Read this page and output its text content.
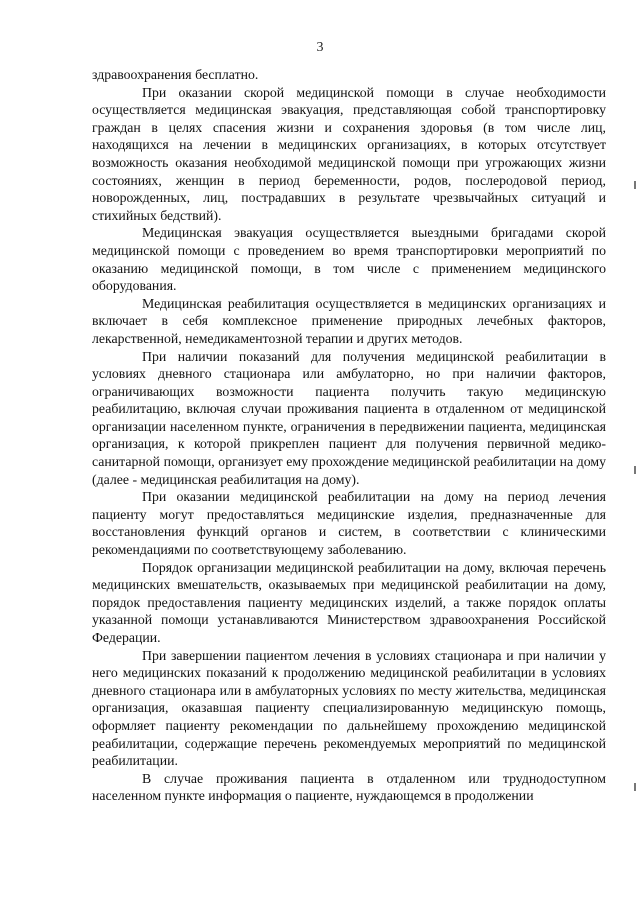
3

здравоохранения бесплатно.

При оказании скорой медицинской помощи в случае необходимости осуществляется медицинская эвакуация, представляющая собой транспортировку граждан в целях спасения жизни и сохранения здоровья (в том числе лиц, находящихся на лечении в медицинских организациях, в которых отсутствует возможность оказания необходимой медицинской помощи при угрожающих жизни состояниях, женщин в период беременности, родов, послеродовой период, новорожденных, лиц, пострадавших в результате чрезвычайных ситуаций и стихийных бедствий).

Медицинская эвакуация осуществляется выездными бригадами скорой медицинской помощи с проведением во время транспортировки мероприятий по оказанию медицинской помощи, в том числе с применением медицинского оборудования.

Медицинская реабилитация осуществляется в медицинских организациях и включает в себя комплексное применение природных лечебных факторов, лекарственной, немедикаментозной терапии и других методов.

При наличии показаний для получения медицинской реабилитации в условиях дневного стационара или амбулаторно, но при наличии факторов, ограничивающих возможности пациента получить такую медицинскую реабилитацию, включая случаи проживания пациента в отдаленном от медицинской организации населенном пункте, ограничения в передвижении пациента, медицинская организация, к которой прикреплен пациент для получения первичной медико-санитарной помощи, организует ему прохождение медицинской реабилитации на дому (далее - медицинская реабилитация на дому).

При оказании медицинской реабилитации на дому на период лечения пациенту могут предоставляться медицинские изделия, предназначенные для восстановления функций органов и систем, в соответствии с клиническими рекомендациями по соответствующему заболеванию.

Порядок организации медицинской реабилитации на дому, включая перечень медицинских вмешательств, оказываемых при медицинской реабилитации на дому, порядок предоставления пациенту медицинских изделий, а также порядок оплаты указанной помощи устанавливаются Министерством здравоохранения Российской Федерации.

При завершении пациентом лечения в условиях стационара и при наличии у него медицинских показаний к продолжению медицинской реабилитации в условиях дневного стационара или в амбулаторных условиях по месту жительства, медицинская организация, оказавшая пациенту специализированную медицинскую помощь, оформляет пациенту рекомендации по дальнейшему прохождению медицинской реабилитации, содержащие перечень рекомендуемых мероприятий по медицинской реабилитации.

В случае проживания пациента в отдаленном или труднодоступном населенном пункте информация о пациенте, нуждающемся в продолжении
